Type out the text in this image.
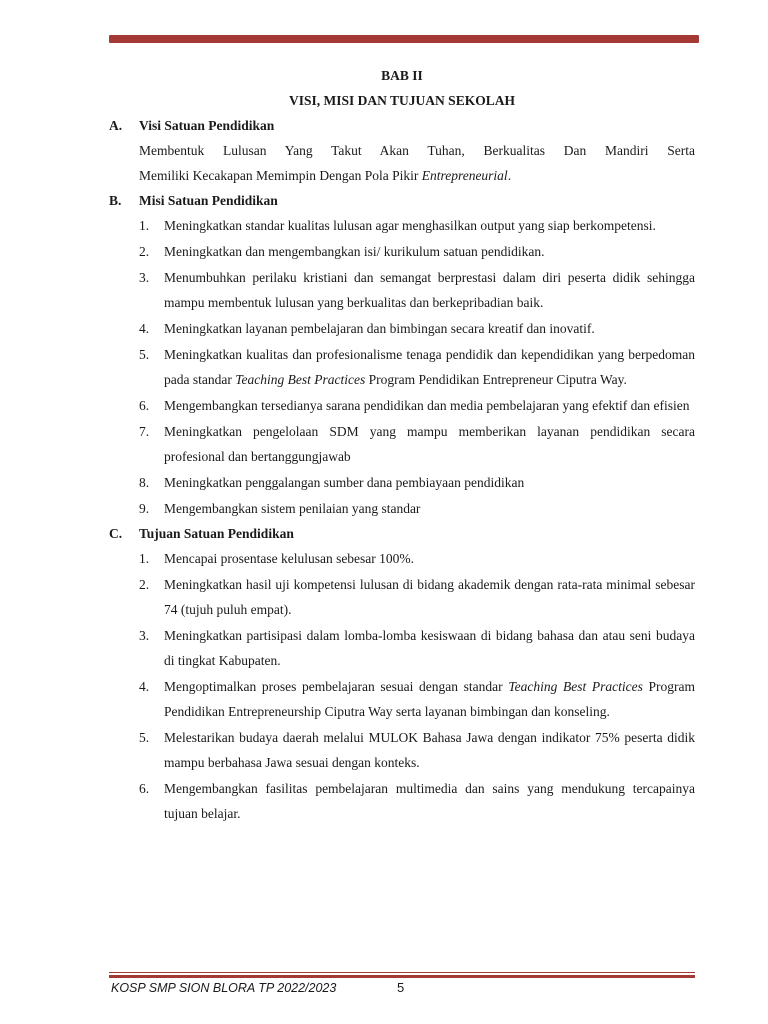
BAB II

VISI, MISI DAN TUJUAN SEKOLAH

A.	Visi Satuan Pendidikan
Membentuk Lulusan Yang Takut Akan Tuhan, Berkualitas Dan Mandiri Serta
Memiliki Kecakapan Memimpin Dengan Pola Pikir Entrepreneurial.
B.	Misi Satuan Pendidikan
1.	Meningkatkan standar kualitas lulusan agar menghasilkan output yang siap berkompetensi.
2.	Meningkatkan dan mengembangkan isi/ kurikulum satuan pendidikan.
3.	Menumbuhkan perilaku kristiani dan semangat berprestasi dalam diri peserta didik sehingga mampu membentuk lulusan yang berkualitas dan berkepribadian baik.
4.	Meningkatkan layanan pembelajaran dan bimbingan secara kreatif dan inovatif.
5.	Meningkatkan kualitas dan profesionalisme tenaga pendidik dan kependidikan yang berpedoman pada standar Teaching Best Practices Program Pendidikan Entrepreneur Ciputra Way.
6.	Mengembangkan tersedianya sarana pendidikan dan media pembelajaran yang efektif dan efisien
7.	Meningkatkan pengelolaan SDM yang mampu memberikan layanan pendidikan secara profesional dan bertanggungjawab
8.	Meningkatkan penggalangan sumber dana pembiayaan pendidikan
9.	Mengembangkan sistem penilaian yang standar
C.	Tujuan Satuan Pendidikan
1.	Mencapai prosentase kelulusan sebesar 100%.
2.	Meningkatkan hasil uji kompetensi lulusan di bidang akademik dengan rata-rata minimal sebesar 74 (tujuh puluh empat).
3.	Meningkatkan partisipasi dalam lomba-lomba kesiswaan di bidang bahasa dan atau seni budaya di tingkat Kabupaten.
4.	Mengoptimalkan proses pembelajaran sesuai dengan standar Teaching Best Practices Program Pendidikan Entrepreneurship Ciputra Way serta layanan bimbingan dan konseling.
5.	Melestarikan budaya daerah melalui MULOK Bahasa Jawa dengan indikator 75% peserta didik mampu berbahasa Jawa sesuai dengan konteks.
6.	Mengembangkan fasilitas pembelajaran multimedia dan sains yang mendukung tercapainya tujuan belajar.
KOSP SMP SION BLORA TP 2022/2023	5
